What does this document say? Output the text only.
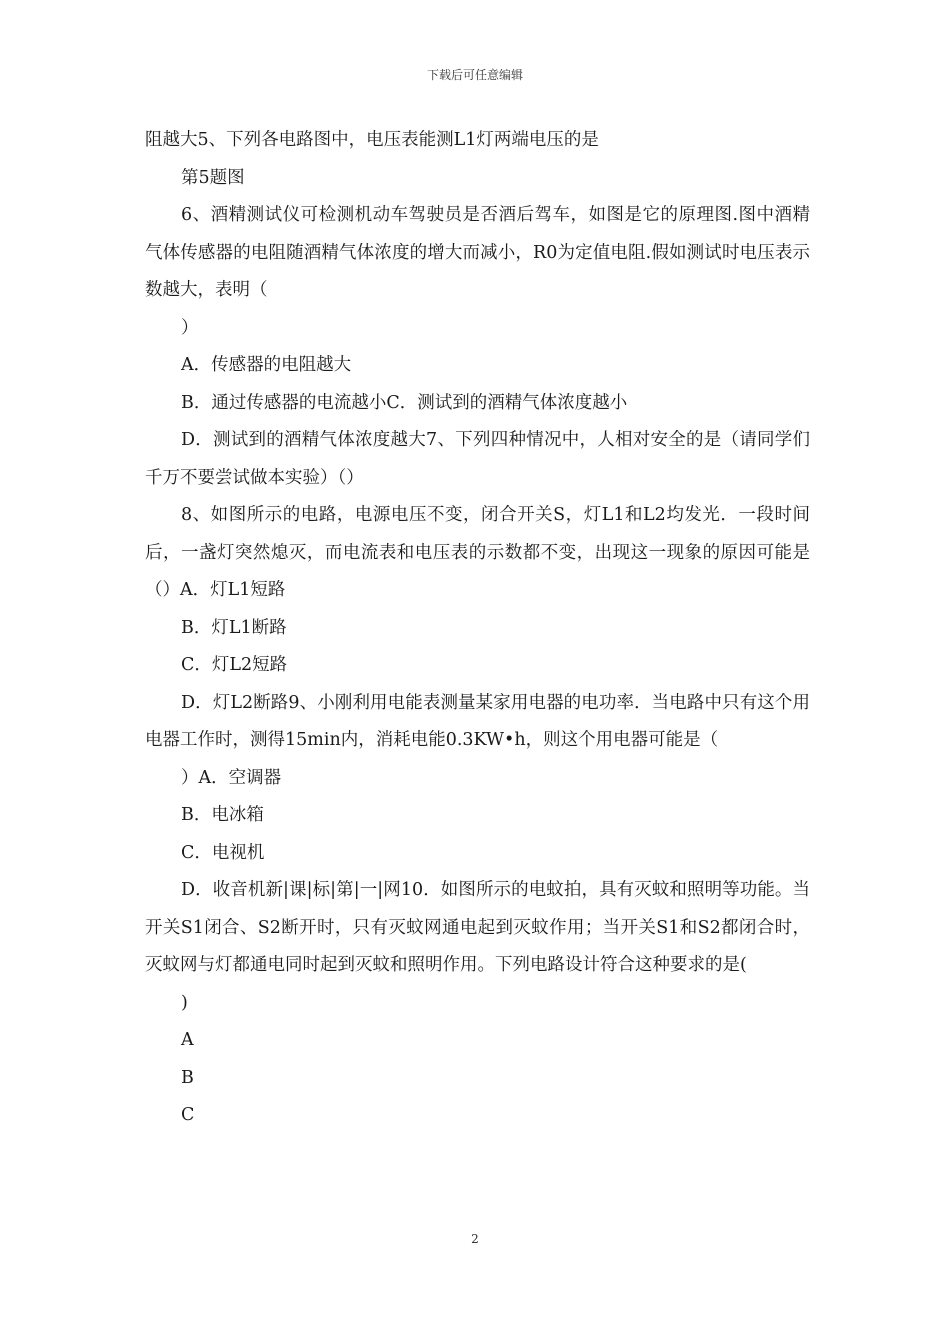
下载后可任意编辑

阻越大5、下列各电路图中，电压表能测L1灯两端电压的是

第5题图

6、酒精测试仪可检测机动车驾驶员是否酒后驾车，如图是它的原理图.图中酒精气体传感器的电阻随酒精气体浓度的增大而减小，R0为定值电阻.假如测试时电压表示数越大，表明（

）

A．传感器的电阻越大

B．通过传感器的电流越小C．测试到的酒精气体浓度越小

D．测试到的酒精气体浓度越大7、下列四种情况中，人相对安全的是（请同学们千万不要尝试做本实验）（）

8、如图所示的电路，电源电压不变，闭合开关S，灯L1和L2均发光．一段时间后，一盏灯突然熄灭，而电流表和电压表的示数都不变，出现这一现象的原因可能是（）A．灯L1短路

B．灯L1断路

C．灯L2短路

D．灯L2断路9、小刚利用电能表测量某家用电器的电功率．当电路中只有这个用电器工作时，测得15min内，消耗电能0.3KW•h，则这个用电器可能是（

）A．空调器

B．电冰箱

C．电视机

D．收音机新|课|标|第|一|网10．如图所示的电蚊拍，具有灭蚊和照明等功能。当开关S1闭合、S2断开时，只有灭蚊网通电起到灭蚊作用；当开关S1和S2都闭合时，灭蚊网与灯都通电同时起到灭蚊和照明作用。下列电路设计符合这种要求的是(

)

A

B

C

2
